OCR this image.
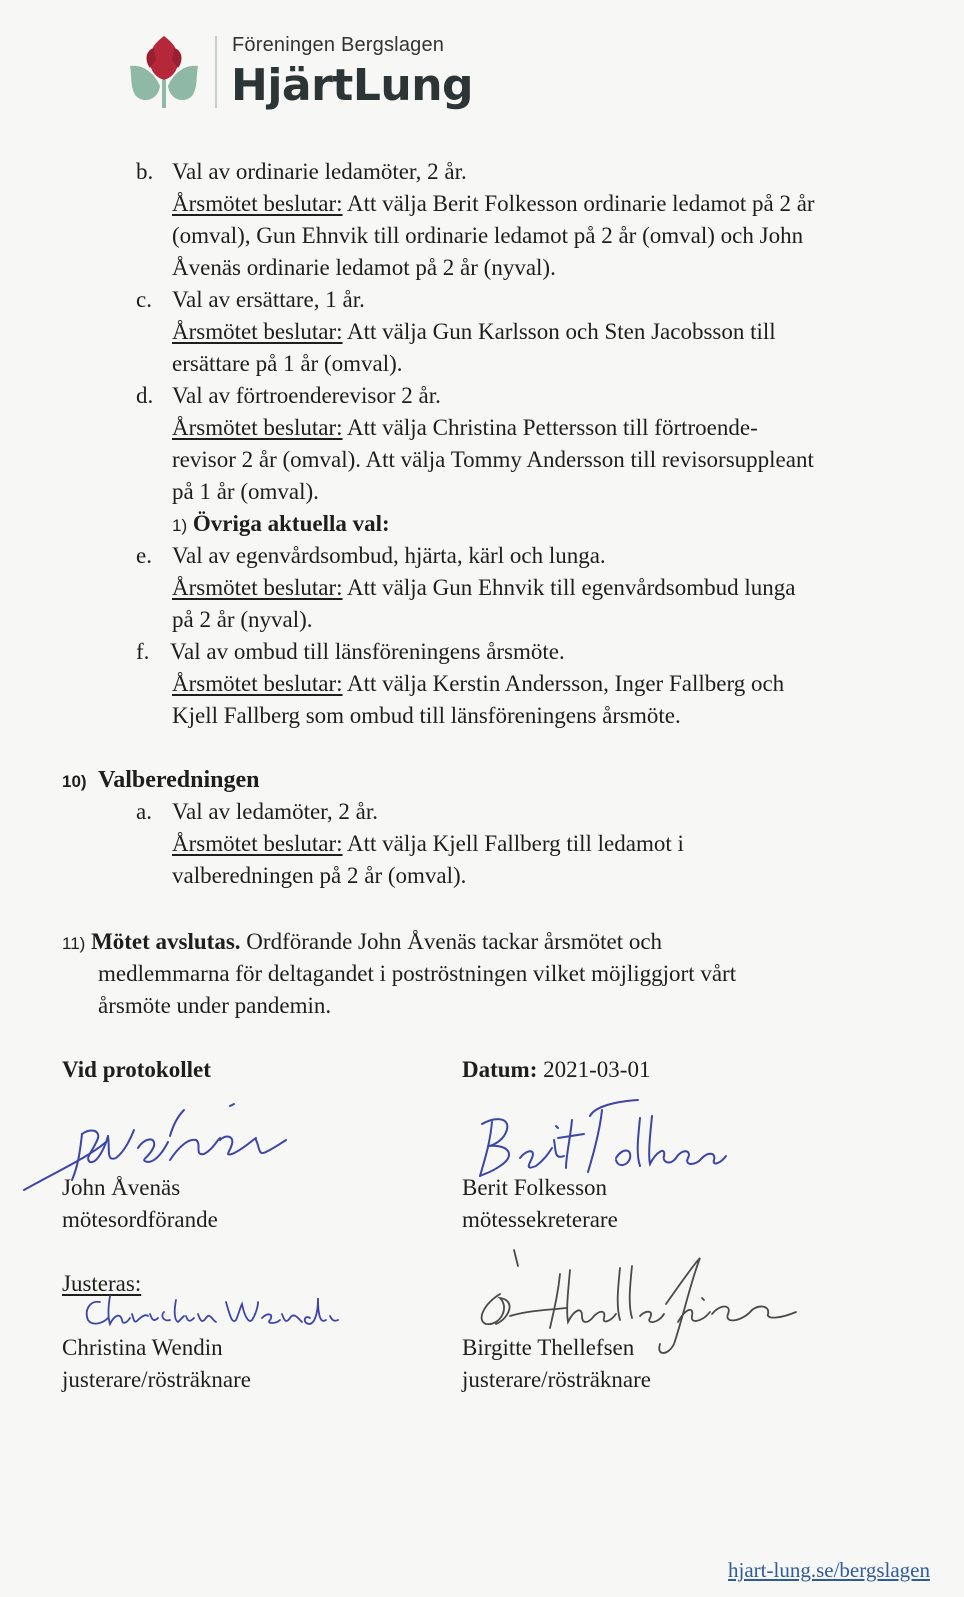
Föreningen Bergslagen
HjärtLung
b. Val av ordinarie ledamöter, 2 år.
Årsmötet beslutar: Att välja Berit Folkesson ordinarie ledamot på 2 år
(omval), Gun Ehnvik till ordinarie ledamot på 2 år (omval) och John
Åvenäs ordinarie ledamot på 2 år (nyval).
c. Val av ersättare, 1 år.
Årsmötet beslutar: Att välja Gun Karlsson och Sten Jacobsson till
ersättare på 1 år (omval).
d. Val av förtroenderevisor 2 år.
Årsmötet beslutar: Att välja Christina Pettersson till förtroende-
revisor 2 år (omval). Att välja Tommy Andersson till revisorsuppleant
på 1 år (omval).
1) Övriga aktuella val:
e. Val av egenvårdsombud, hjärta, kärl och lunga.
Årsmötet beslutar: Att välja Gun Ehnvik till egenvårdsombud lunga
på 2 år (nyval).
f. Val av ombud till länsföreningens årsmöte.
Årsmötet beslutar: Att välja Kerstin Andersson, Inger Fallberg och
Kjell Fallberg som ombud till länsföreningens årsmöte.
10) Valberedningen
a. Val av ledamöter, 2 år.
Årsmötet beslutar: Att välja Kjell Fallberg till ledamot i
valberedningen på 2 år (omval).
11) Mötet avslutas. Ordförande John Åvenäs tackar årsmötet och
medlemmarna för deltagandet i poströstningen vilket möjliggjort vårt
årsmöte under pandemin.
Vid protokollet	Datum: 2021-03-01
John Åvenäs
mötesordförande
Berit Folkesson
mötessekreterare
Justeras:
Christina Wendin
justerare/rösträknare
Birgitte Thellefsen
justerare/rösträknare
hjart-lung.se/bergslagen
